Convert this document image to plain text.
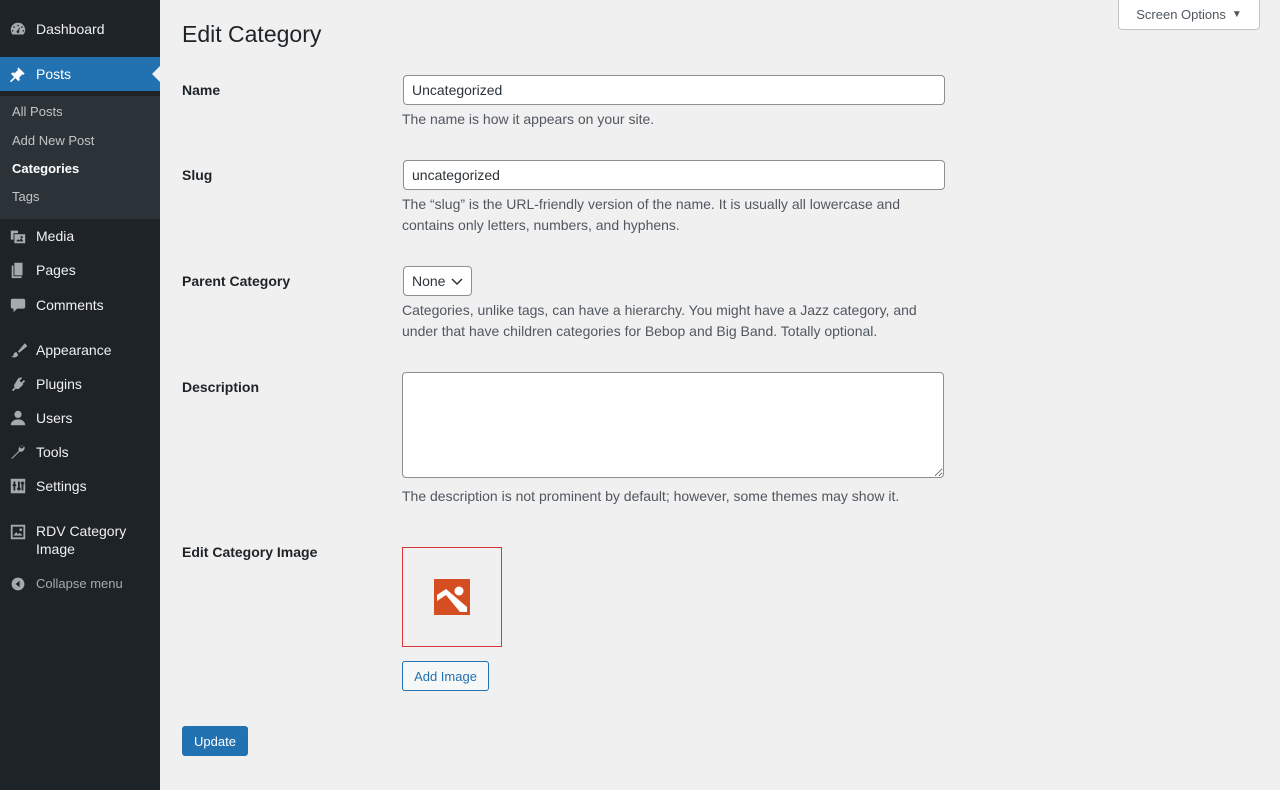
Dashboard
Posts
All Posts
Add New Post
Categories
Tags
Media
Pages
Comments
Appearance
Plugins
Users
Tools
Settings
RDV Category
Image
Collapse menu
Edit Category
Screen Options ▼
Name
Uncategorized
The name is how it appears on your site.
Slug
uncategorized
The “slug” is the URL-friendly version of the name. It is usually all lowercase and contains only letters, numbers, and hyphens.
Parent Category	None
Categories, unlike tags, can have a hierarchy. You might have a Jazz category, and under that have children categories for Bebop and Big Band. Totally optional.
Description
The description is not prominent by default; however, some themes may show it.
Edit Category Image
Add Image
Update
